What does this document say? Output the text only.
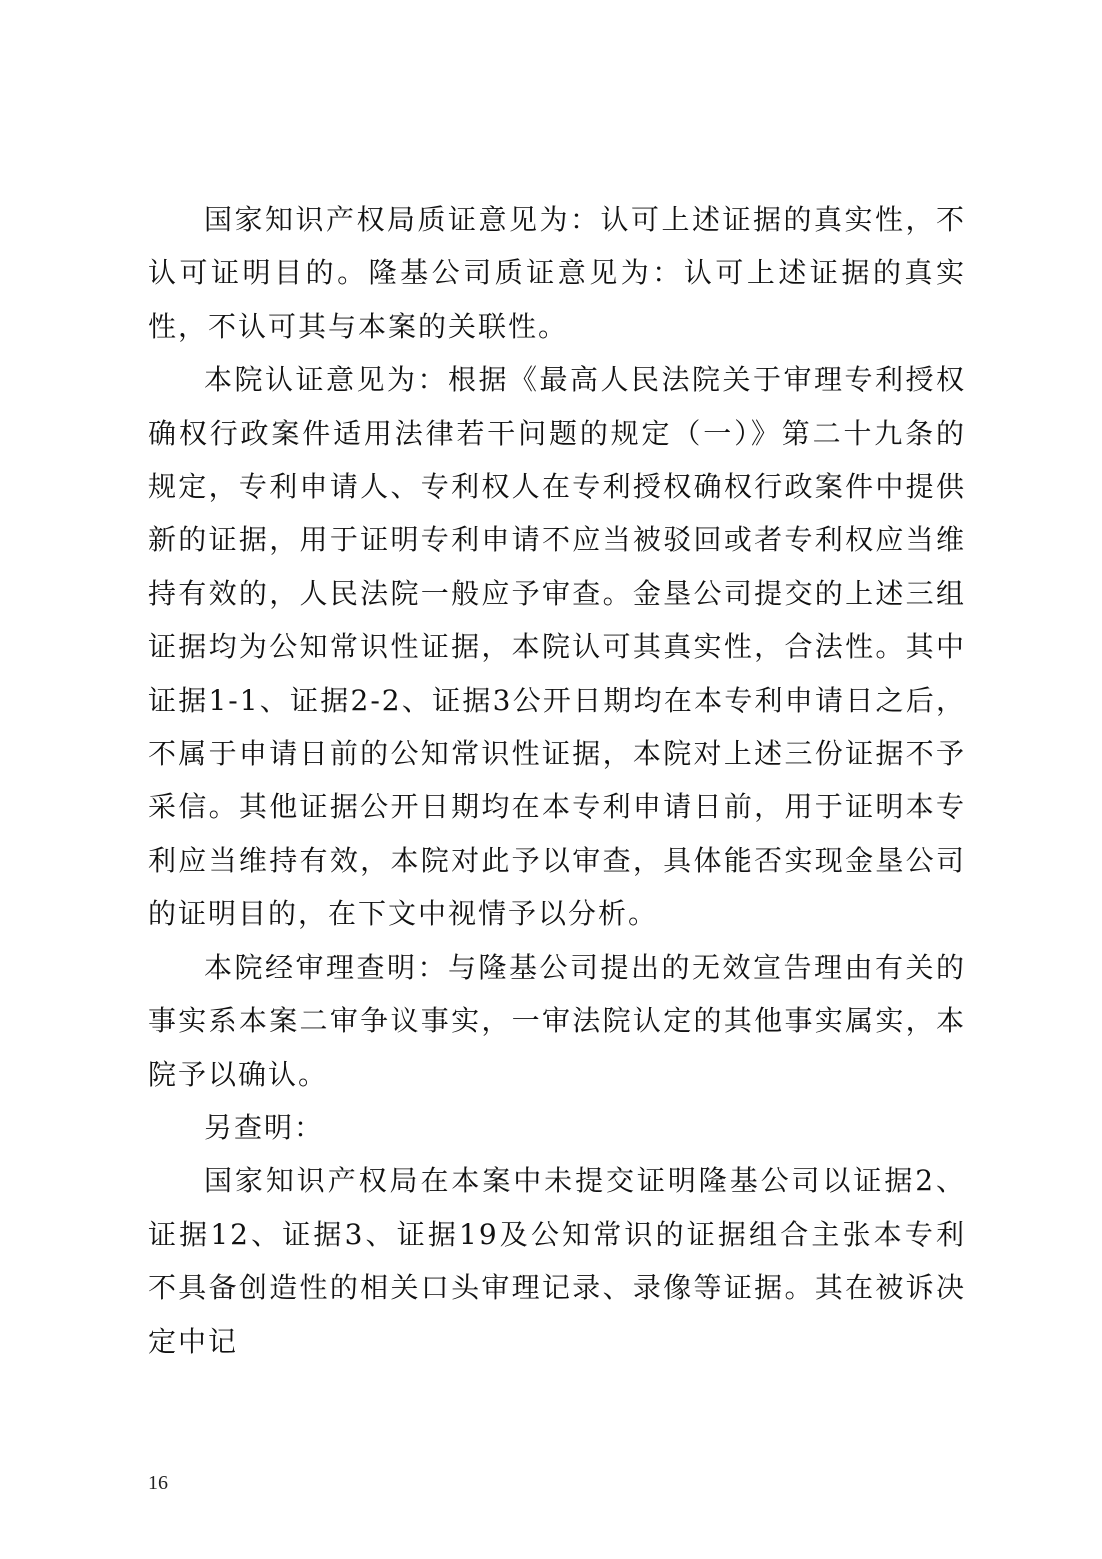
国家知识产权局质证意见为：认可上述证据的真实性，不认可证明目的。隆基公司质证意见为：认可上述证据的真实性，不认可其与本案的关联性。

本院认证意见为：根据《最高人民法院关于审理专利授权确权行政案件适用法律若干问题的规定（一）》第二十九条的规定，专利申请人、专利权人在专利授权确权行政案件中提供新的证据，用于证明专利申请不应当被驳回或者专利权应当维持有效的，人民法院一般应予审查。金垦公司提交的上述三组证据均为公知常识性证据，本院认可其真实性，合法性。其中证据1-1、证据2-2、证据3公开日期均在本专利申请日之后，不属于申请日前的公知常识性证据，本院对上述三份证据不予采信。其他证据公开日期均在本专利申请日前，用于证明本专利应当维持有效，本院对此予以审查，具体能否实现金垦公司的证明目的，在下文中视情予以分析。

本院经审理查明：与隆基公司提出的无效宣告理由有关的事实系本案二审争议事实，一审法院认定的其他事实属实，本院予以确认。

另查明：

国家知识产权局在本案中未提交证明隆基公司以证据2、证据12、证据3、证据19及公知常识的证据组合主张本专利不具备创造性的相关口头审理记录、录像等证据。其在被诉决定中记

16
